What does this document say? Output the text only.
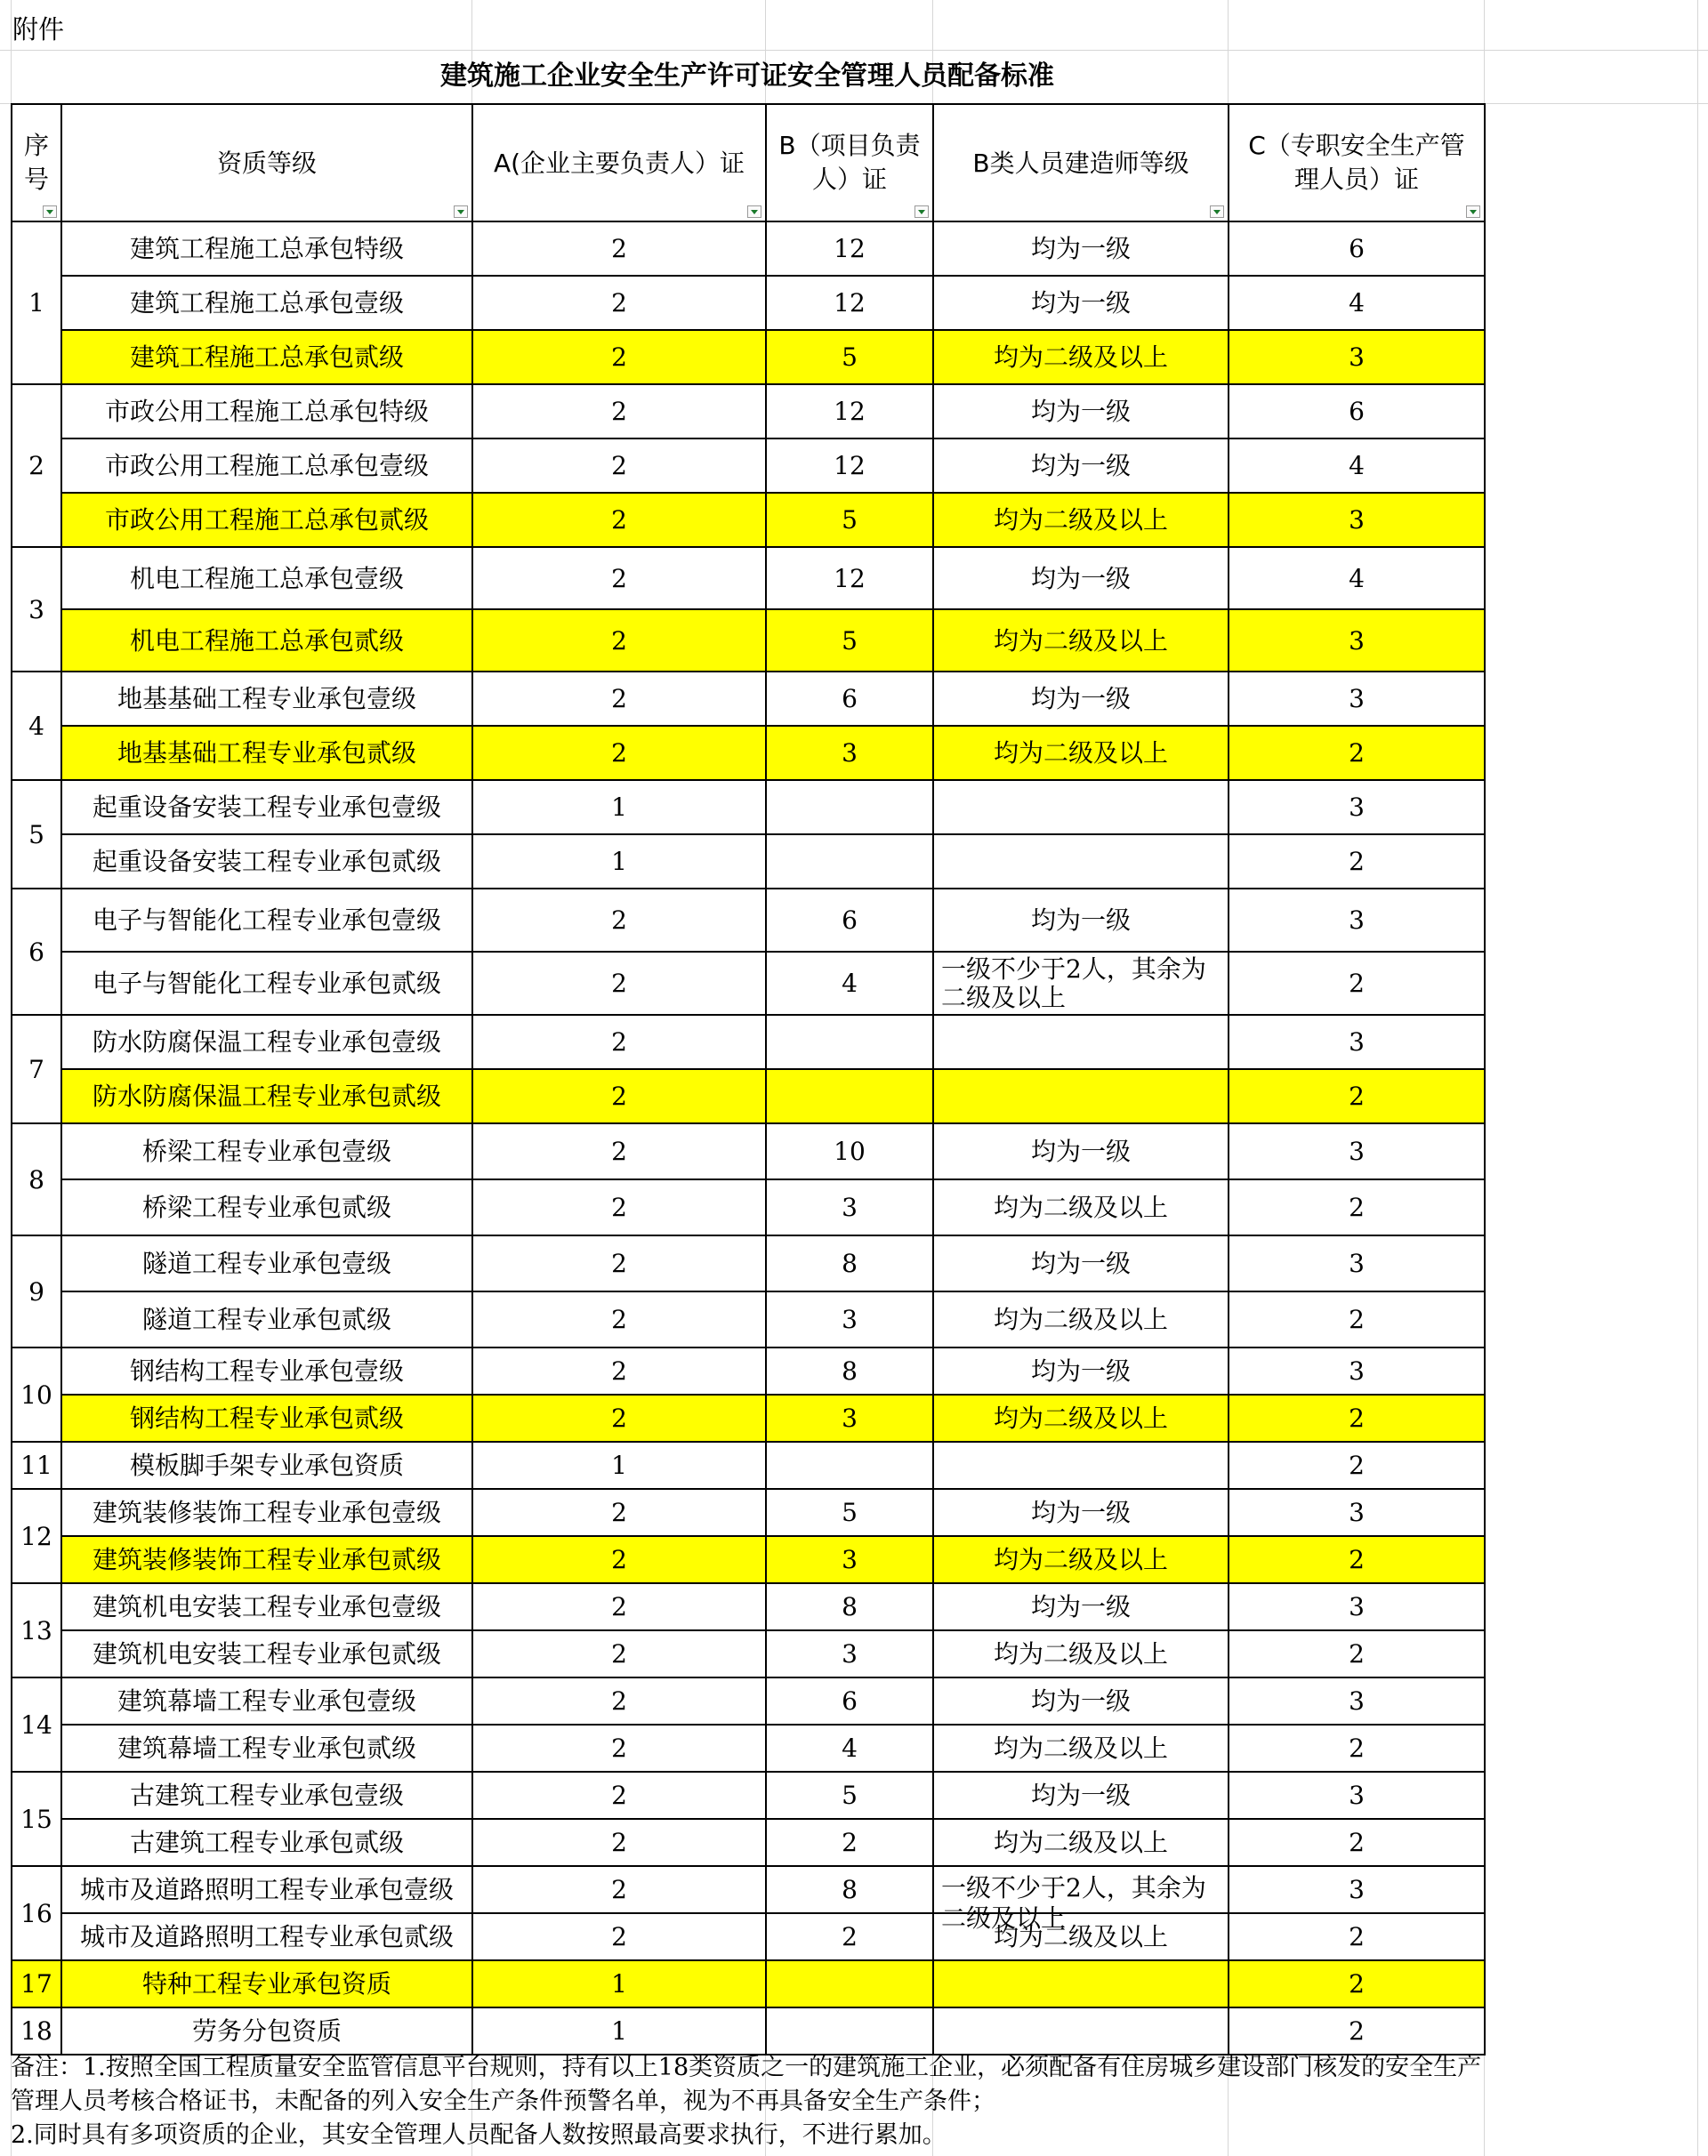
附件
建筑施工企业安全生产许可证安全管理人员配备标准
序号	资质等级	A(企业主要负责人）证	B（项目负责人）证	B类人员建造师等级	C（专职安全生产管理人员）证

1	建筑工程施工总承包特级	2	12	均为一级	6
	建筑工程施工总承包壹级	2	12	均为一级	4
	建筑工程施工总承包贰级	2	5	均为二级及以上	3
2	市政公用工程施工总承包特级	2	12	均为一级	6
	市政公用工程施工总承包壹级	2	12	均为一级	4
	市政公用工程施工总承包贰级	2	5	均为二级及以上	3
3	机电工程施工总承包壹级	2	12	均为一级	4
	机电工程施工总承包贰级	2	5	均为二级及以上	3
4	地基基础工程专业承包壹级	2	6	均为一级	3
	地基基础工程专业承包贰级	2	3	均为二级及以上	2
5	起重设备安装工程专业承包壹级	1			3
	起重设备安装工程专业承包贰级	1			2
6	电子与智能化工程专业承包壹级	2	6	均为一级	3
	电子与智能化工程专业承包贰级	2	4	一级不少于2人，其余为二级及以上	2
7	防水防腐保温工程专业承包壹级	2			3
	防水防腐保温工程专业承包贰级	2			2
8	桥梁工程专业承包壹级	2	10	均为一级	3
	桥梁工程专业承包贰级	2	3	均为二级及以上	2
9	隧道工程专业承包壹级	2	8	均为一级	3
	隧道工程专业承包贰级	2	3	均为二级及以上	2
10	钢结构工程专业承包壹级	2	8	均为一级	3
	钢结构工程专业承包贰级	2	3	均为二级及以上	2
11	模板脚手架专业承包资质	1			2
12	建筑装修装饰工程专业承包壹级	2	5	均为一级	3
	建筑装修装饰工程专业承包贰级	2	3	均为二级及以上	2
13	建筑机电安装工程专业承包壹级	2	8	均为一级	3
	建筑机电安装工程专业承包贰级	2	3	均为二级及以上	2
14	建筑幕墙工程专业承包壹级	2	6	均为一级	3
	建筑幕墙工程专业承包贰级	2	4	均为二级及以上	2
15	古建筑工程专业承包壹级	2	5	均为一级	3
	古建筑工程专业承包贰级	2	2	均为二级及以上	2
16	城市及道路照明工程专业承包壹级	2	8	一级不少于2人，其余为二级及以上	3
	城市及道路照明工程专业承包贰级	2	2	均为二级及以上	2
17	特种工程专业承包资质	1			2
18	劳务分包资质	1			2

备注：1.按照全国工程质量安全监管信息平台规则，持有以上18类资质之一的建筑施工企业，必须配备有住房城乡建设部门核发的安全生产管理人员考核合格证书，未配备的列入安全生产条件预警名单，视为不再具备安全生产条件；

2.同时具有多项资质的企业，其安全管理人员配备人数按照最高要求执行，不进行累加。
